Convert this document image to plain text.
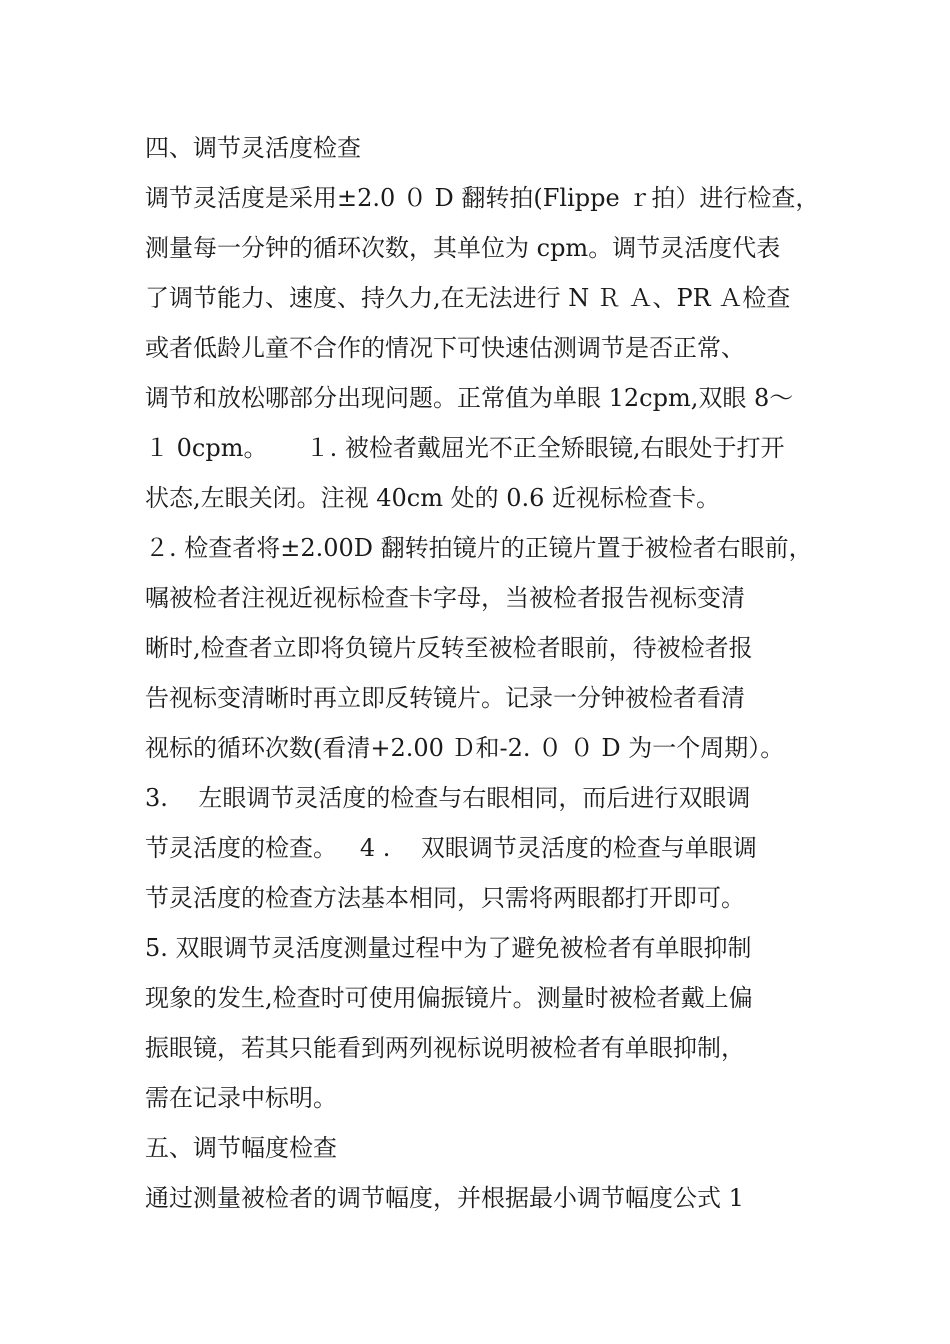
四、调节灵活度检查
调节灵活度是采用±2.0 ０ D 翻转拍(Flippe ｒ拍）进行检查，
测量每一分钟的循环次数，其单位为 cpm。调节灵活度代表
了调节能力、速度、持久力,在无法进行 N Ｒ Ａ、PR Ａ检查
或者低龄儿童不合作的情况下可快速估测调节是否正常、
调节和放松哪部分出现问题。正常值为单眼 12cpm,双眼 8～
１ 0cpm。     １. 被检者戴屈光不正全矫眼镜,右眼处于打开
状态,左眼关闭。注视 40cm 处的 0.6 近视标检查卡。
２. 检查者将±2.00D 翻转拍镜片的正镜片置于被检者右眼前，
嘱被检者注视近视标检查卡字母，当被检者报告视标变清
晰时,检查者立即将负镜片反转至被检者眼前，待被检者报
告视标变清晰时再立即反转镜片。记录一分钟被检者看清
视标的循环次数(看清+2.00 Ｄ和-2. ０ ０ D 为一个周期）。
3.    左眼调节灵活度的检查与右眼相同，而后进行双眼调
节灵活度的检查。   4 .    双眼调节灵活度的检查与单眼调
节灵活度的检查方法基本相同，只需将两眼都打开即可。
5. 双眼调节灵活度测量过程中为了避免被检者有单眼抑制
现象的发生,检查时可使用偏振镜片。测量时被检者戴上偏
振眼镜，若其只能看到两列视标说明被检者有单眼抑制，
需在记录中标明。
五、调节幅度检查
通过测量被检者的调节幅度，并根据最小调节幅度公式 1
